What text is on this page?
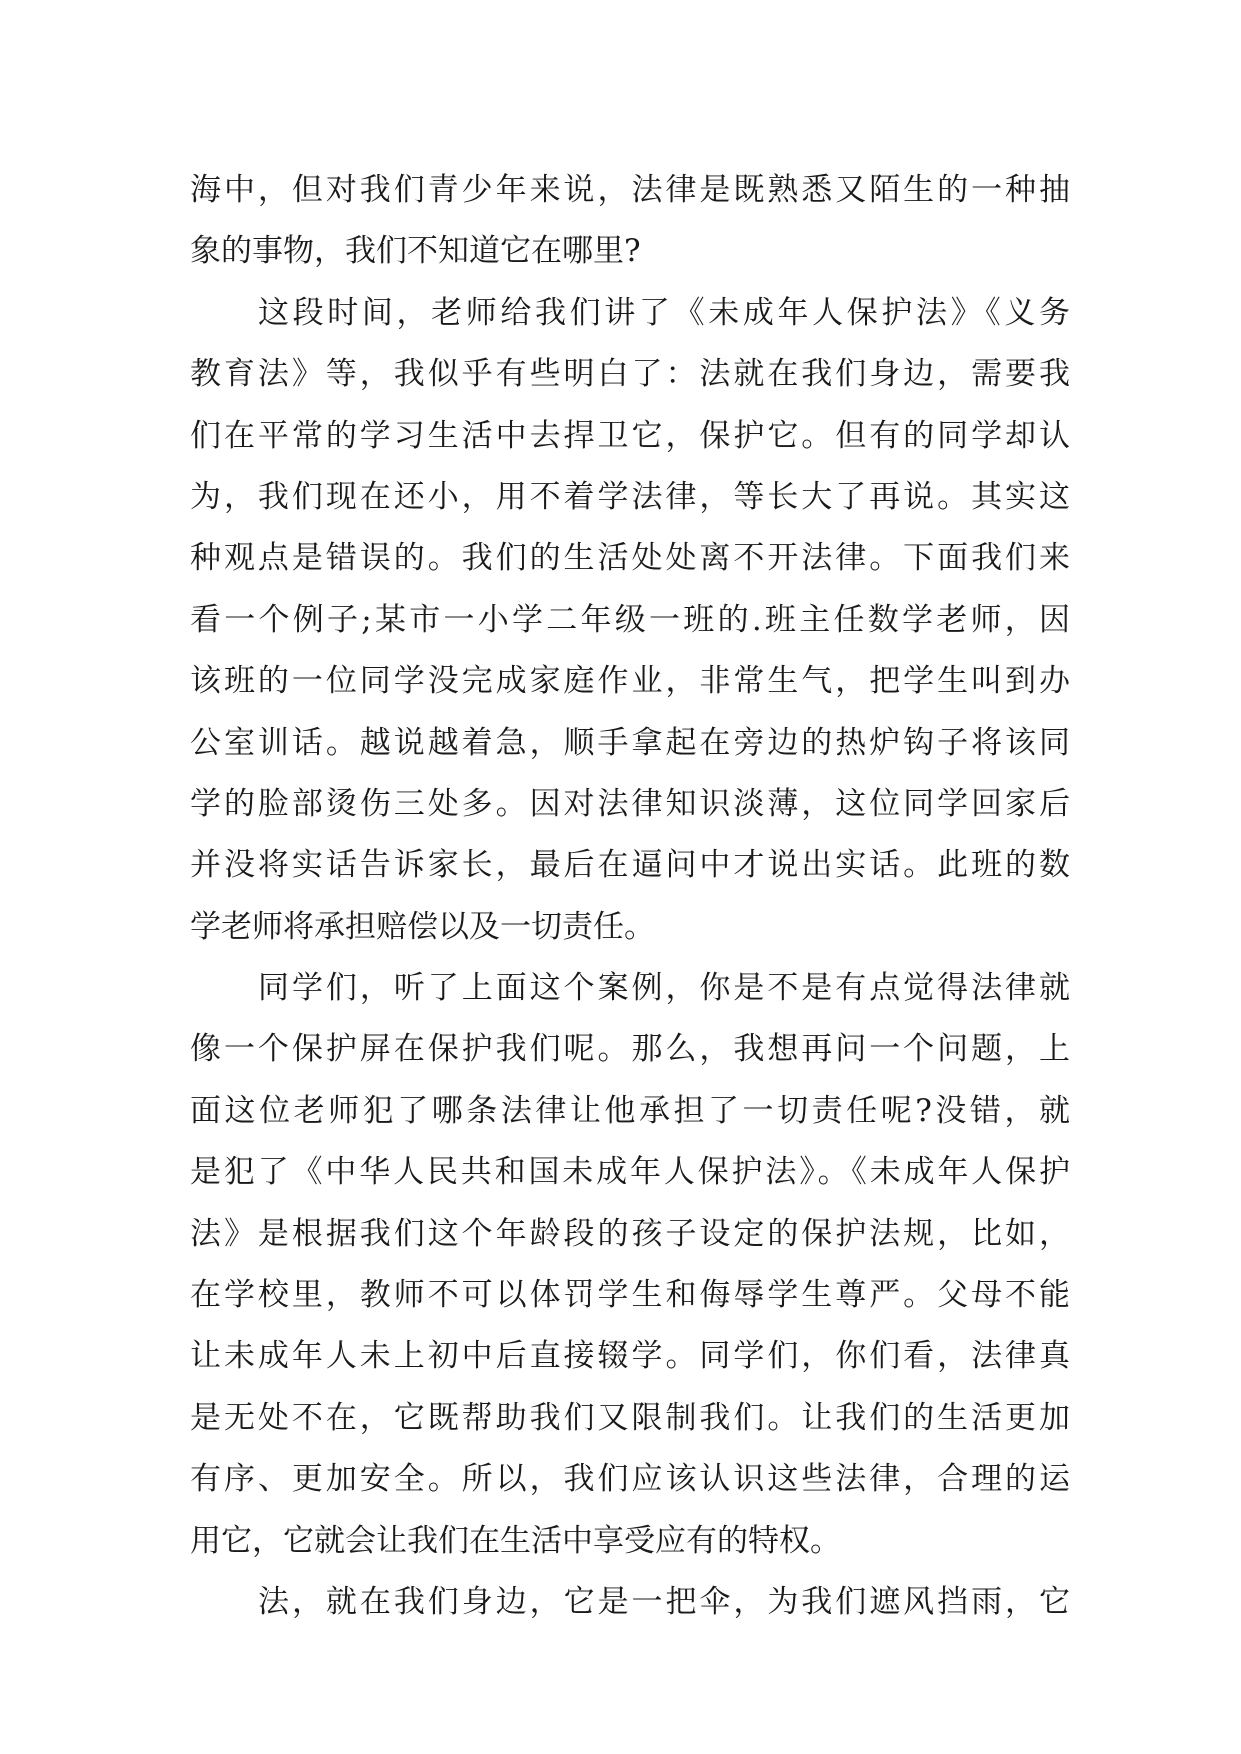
海中，但对我们青少年来说，法律是既熟悉又陌生的一种抽
象的事物，我们不知道它在哪里?
这段时间，老师给我们讲了《未成年人保护法》《义务
教育法》等，我似乎有些明白了：法就在我们身边，需要我
们在平常的学习生活中去捍卫它，保护它。但有的同学却认
为，我们现在还小，用不着学法律，等长大了再说。其实这
种观点是错误的。我们的生活处处离不开法律。下面我们来
看一个例子;某市一小学二年级一班的.班主任数学老师，因
该班的一位同学没完成家庭作业，非常生气，把学生叫到办
公室训话。越说越着急，顺手拿起在旁边的热炉钩子将该同
学的脸部烫伤三处多。因对法律知识淡薄，这位同学回家后
并没将实话告诉家长，最后在逼问中才说出实话。此班的数
学老师将承担赔偿以及一切责任。
同学们，听了上面这个案例，你是不是有点觉得法律就
像一个保护屏在保护我们呢。那么，我想再问一个问题，上
面这位老师犯了哪条法律让他承担了一切责任呢?没错，就
是犯了《中华人民共和国未成年人保护法》。《未成年人保护
法》是根据我们这个年龄段的孩子设定的保护法规，比如，
在学校里，教师不可以体罚学生和侮辱学生尊严。父母不能
让未成年人未上初中后直接辍学。同学们，你们看，法律真
是无处不在，它既帮助我们又限制我们。让我们的生活更加
有序、更加安全。所以，我们应该认识这些法律，合理的运
用它，它就会让我们在生活中享受应有的特权。
法，就在我们身边，它是一把伞，为我们遮风挡雨，它
